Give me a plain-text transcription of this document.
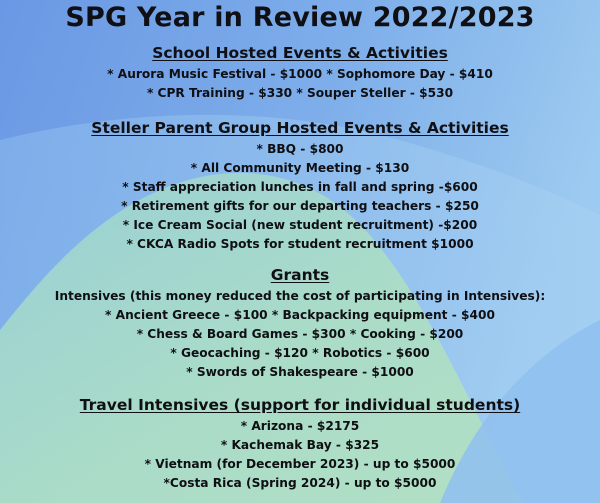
SPG Year in Review 2022/2023
School Hosted Events & Activities
* Aurora Music Festival - $1000 * Sophomore Day - $410
* CPR Training - $330 * Souper Steller - $530
Steller Parent Group Hosted Events & Activities
* BBQ - $800
* All Community Meeting - $130
* Staff appreciation lunches in fall and spring -$600
* Retirement gifts for our departing teachers - $250
* Ice Cream Social (new student recruitment) -$200
* CKCA Radio Spots for student recruitment $1000
Grants
Intensives (this money reduced the cost of participating in Intensives):
* Ancient Greece - $100 * Backpacking equipment - $400
* Chess & Board Games - $300 * Cooking - $200
* Geocaching - $120 * Robotics - $600
* Swords of Shakespeare - $1000
Travel Intensives (support for individual students)
* Arizona - $2175
* Kachemak Bay - $325
* Vietnam (for December 2023) - up to $5000
*Costa Rica (Spring 2024) - up to $5000
